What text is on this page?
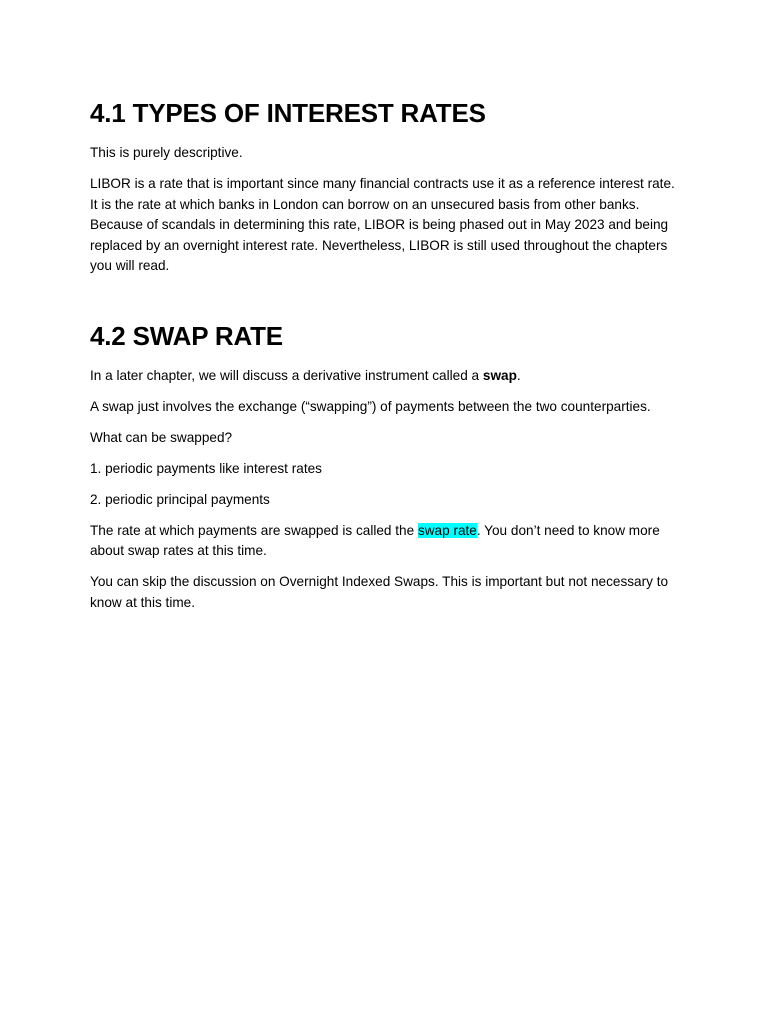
4.1 TYPES OF INTEREST RATES

This is purely descriptive.

LIBOR is a rate that is important since many financial contracts use it as a reference interest rate. It is the rate at which banks in London can borrow on an unsecured basis from other banks. Because of scandals in determining this rate, LIBOR is being phased out in May 2023 and being replaced by an overnight interest rate. Nevertheless, LIBOR is still used throughout the chapters you will read.

4.2 SWAP RATE

In a later chapter, we will discuss a derivative instrument called a swap.

A swap just involves the exchange (“swapping”) of payments between the two counterparties.

What can be swapped?

1. periodic payments like interest rates

2. periodic principal payments

The rate at which payments are swapped is called the swap rate. You don’t need to know more about swap rates at this time.

You can skip the discussion on Overnight Indexed Swaps. This is important but not necessary to know at this time.
